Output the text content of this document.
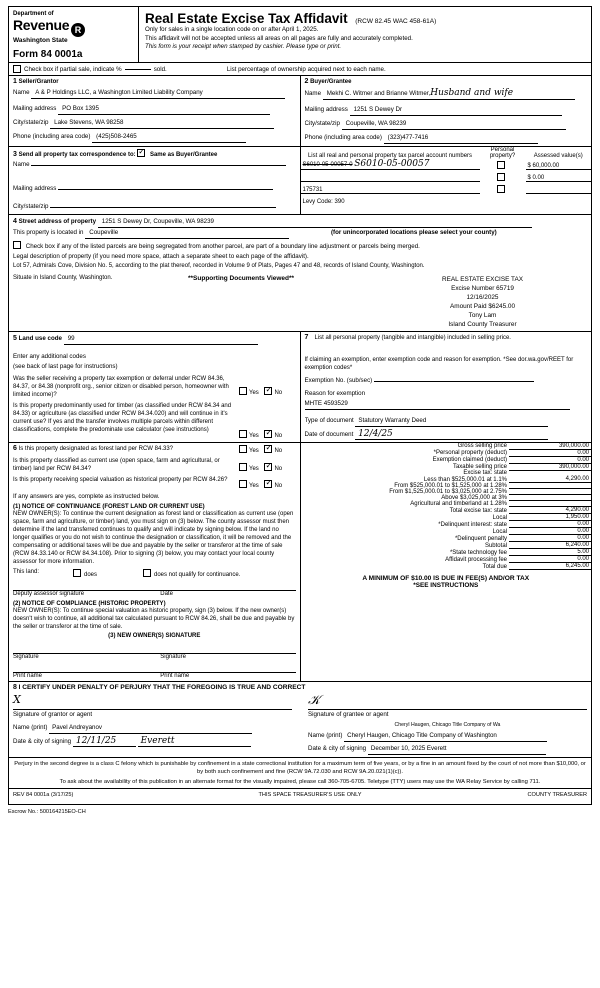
Department of
Revenue R
Washington State
Form 84 0001a
Real Estate Excise Tax Affidavit (RCW 82.45 WAC 458-61A)
Only for sales in a single location code on or after April 1, 2025.
This affidavit will not be accepted unless all areas on all pages are fully and accurately completed.
This form is your receipt when stamped by cashier. Please type or print.
Check box if partial sale, indicate %	sold.	List percentage of ownership acquired next to each name.
1 Seller/Grantor
Name A & P Holdings LLC, a Washington Limited Liability Company
Mailing address PO Box 1395
City/state/zip Lake Stevens, WA 98258
Phone (including area code) (425)508-2465
2 Buyer/Grantee
Name Mekhi C. Witmer and Brianne Witmer,Husband and wife
Mailing address 1251 S Dewey Dr
City/state/zip Coupeville, WA 98239
Phone (including area code) (323)477-7416
3 Send all property tax correspondence to: ✓ Same as Buyer/Grantee
Name
Mailing address
City/state/zip
List all real and personal property tax parcel account numbers	Personal property?	Assessed value(s)
S6010-05-00057-0 S6010-05-00057		$ 60,000.00
		$ 0.00
175731		
Levy Code: 390		
4 Street address of property 1251 S Dewey Dr, Coupeville, WA 98239
This property is located in Coupeville	(for unincorporated locations please select your county)
Check box if any of the listed parcels are being segregated from another parcel, are part of a boundary line adjustment or parcels being merged.
Legal description of property (if you need more space, attach a separate sheet to each page of the affidavit).
Lot 57, Admirals Cove, Division No. 5, according to the plat thereof, recorded in Volume 9 of Plats, Pages 47 and 48, records of Island County, Washington.
Situate in Island County, Washington.	**Supporting Documents Viewed**	REAL ESTATE EXCISE TAX
Excise Number 65719
12/16/2025
Amount Paid $6245.00
Tony Lam
Island County Treasurer
5 Land use code 99
Enter any additional codes
(see back of last page for instructions)
Was the seller receiving a property tax exemption or deferral under RCW 84.36, 84.37, or 84.38 (nonprofit org., senior citizen or disabled person, homeowner with limited income)?	Yes ✓No
Is this property predominantly used for timber (as classified under RCW 84.34 and 84.33) or agriculture (as classified under RCW 84.34.020) and will continue in it's current use? If yes and the transfer involves multiple parcels within different classifications, complete the predominate use calculator (see instructions)
Yes ✓No
7	List all personal property (tangible and intangible) included in selling price.
If claiming an exemption, enter exemption code and reason for exemption. *See dor.wa.gov/REET for exemption codes*
Exemption No. (sub/sec)
Reason for exemption
MHTE 4593529
Type of document Statutory Warranty Deed
Date of document 12/4/25
6 Is this property designated as forest land per RCW 84.33?	Yes ✓No
Is this property classified as current use (open space, farm and agricultural, or timber) land per RCW 84.34?	Yes ✓No
Is this property receiving special valuation as historical property per RCW 84.26?
Yes ✓No
If any answers are yes, complete as instructed below.
(1) NOTICE OF CONTINUANCE (FOREST LAND OR CURRENT USE)
NEW OWNER(S): To continue the current designation as forest land or classification as current use (open space, farm and agriculture, or timber) land, you must sign on (3) below. The county assessor must then determine if the land transferred continues to qualify and will indicate by signing below. If the land no longer qualifies or you do not wish to continue the designation or classification, it will be removed and the compensating or additional taxes will be due and payable by the seller or transferor at the time of sale (RCW 84.33.140 or RCW 84.34.108). Prior to signing (3) below, you may contact your local county assessor for more information.
This land:	does	does not qualify for continuance.
Deputy assessor signature	Date
(2) NOTICE OF COMPLIANCE (HISTORIC PROPERTY)
NEW OWNER(S): To continue special valuation as historic property, sign (3) below. If the new owner(s) doesn't wish to continue, all additional tax calculated pursuant to RCW 84.26, shall be due and payable by the seller or transferor at the time of sale.
(3) NEW OWNER(S) SIGNATURE
Signature	Signature
Print name	Print name
Gross selling price	390,000.00
*Personal property (deduct)	0.00
Exemption claimed (deduct)	0.00
Taxable selling price	390,000.00
Excise tax: state	
Less than $525,000.01 at 1.1%	4,290.00
From $525,000.01 to $1,525,000 at 1.28%	
From $1,525,000.01 to $3,025,000 at 2.75%	
Above $3,025,000 at 3%	
Agricultural and timberland at 1.28%	
Total excise tax: state	4,290.00
Local	1,950.00
*Delinquent interest: state	0.00
Local	0.00
*Delinquent penalty	0.00
Subtotal	6,240.00
*State technology fee	5.00
Affidavit processing fee	0.00
Total due	6,245.00
A MINIMUM OF $10.00 IS DUE IN FEE(S) AND/OR TAX
*SEE INSTRUCTIONS
8 I CERTIFY UNDER PENALTY OF PERJURY THAT THE FOREGOING IS TRUE AND CORRECT
X
Signature of grantor or agent
Name (print) Pavel Andreyanov
Date & city of signing 12/11/25	Everett
𝒦 
Signature of grantee or agent
Cheryl Haugen, Chicago Title Company of Wa
Name (print) Cheryl Haugen, Chicago Title Company of Washington
Date & city of signing December 10, 2025 Everett
Perjury in the second degree is a class C felony which is punishable by confinement in a state correctional institution for a maximum term of five years, or by a fine in an amount fixed by the court of not more than $10,000, or by both such confinement and fine (RCW 9A.72.030 and RCW 9A.20.021(1)(c)).
To ask about the availability of this publication in an alternate format for the visually impaired, please call 360-705-6705. Teletype (TTY) users may use the WA Relay Service by calling 711.
REV 84 0001a (3/17/25)	THIS SPACE TREASURER'S USE ONLY	COUNTY TREASURER
Escrow No.: 500164215EO-CH
